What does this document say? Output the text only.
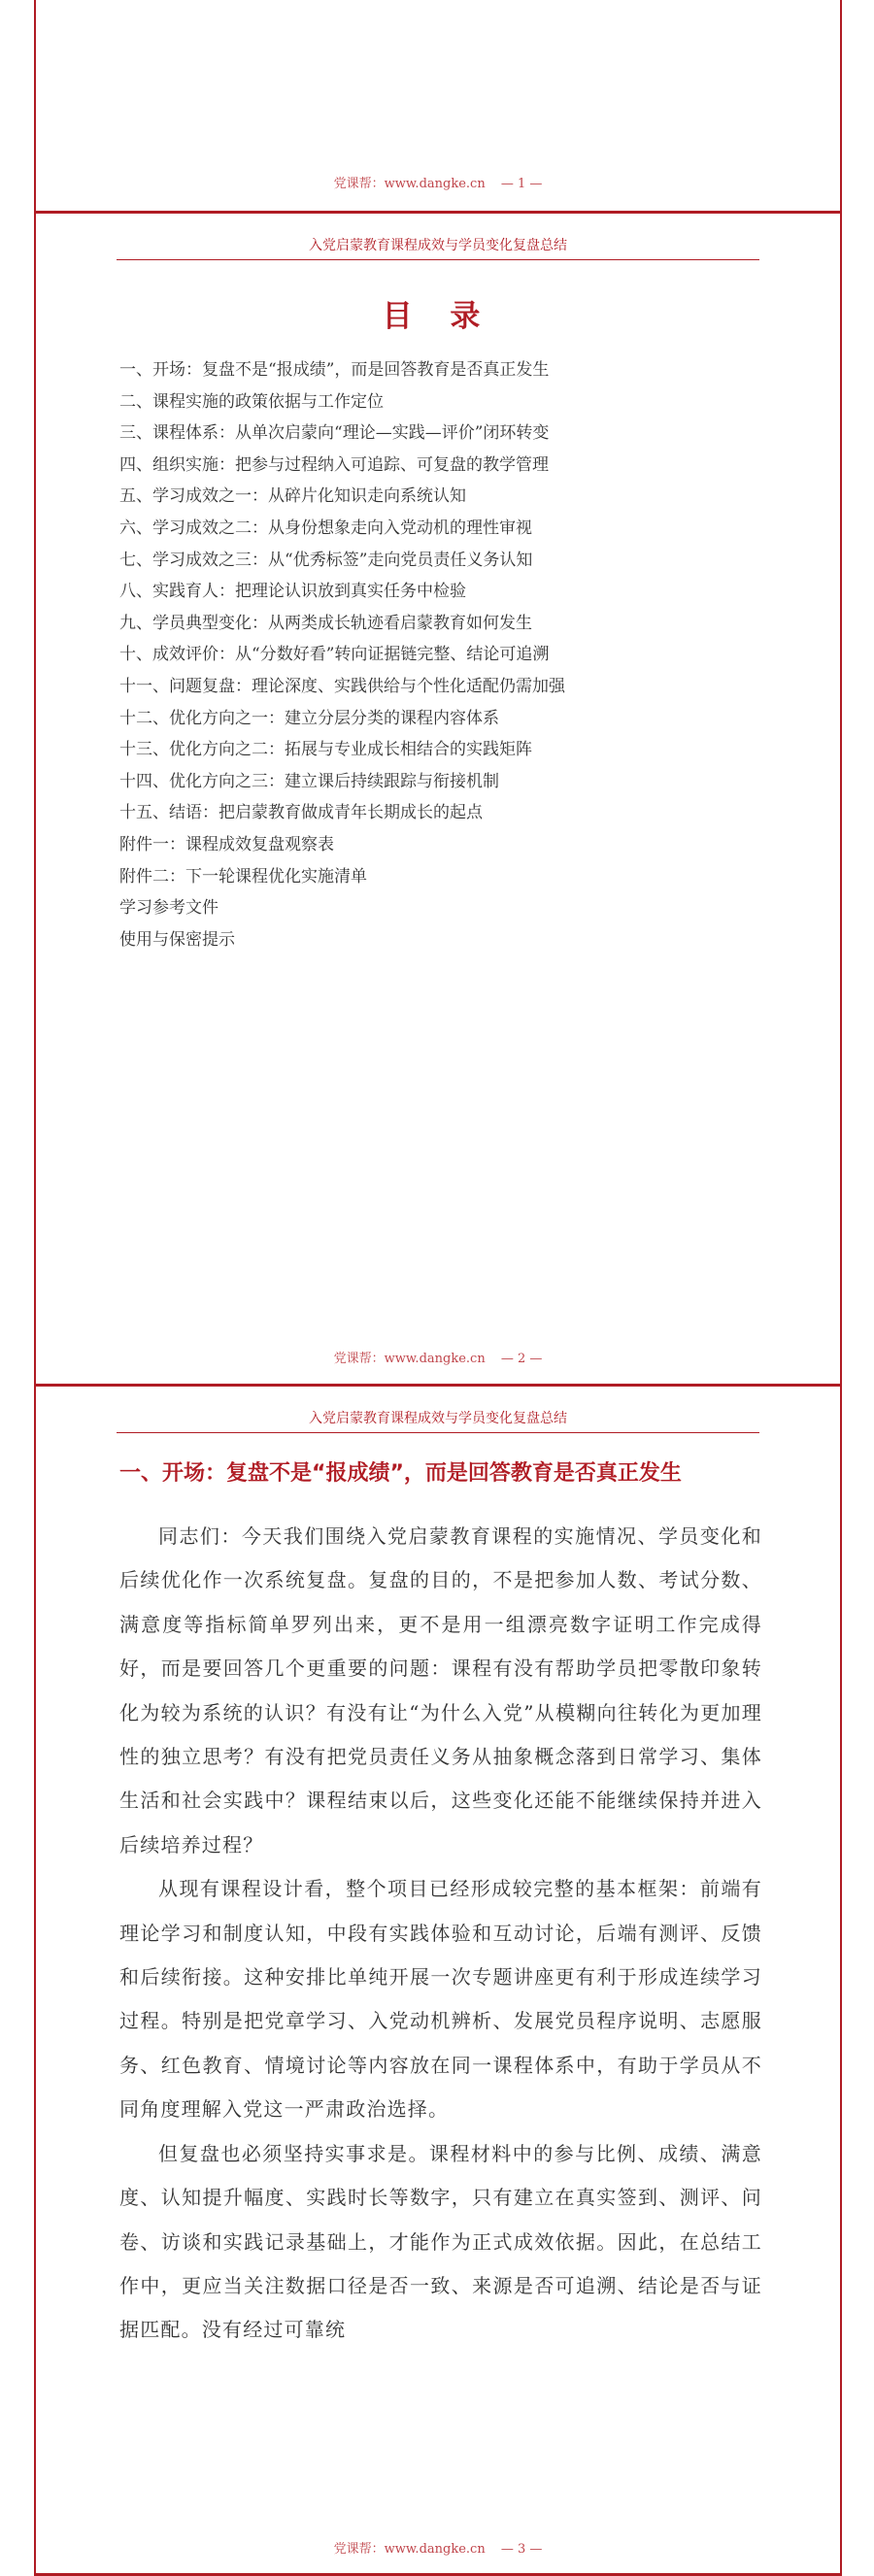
党课帮：www.dangke.cn — 1 —
入党启蒙教育课程成效与学员变化复盘总结
目 录
一、开场：复盘不是“报成绩”，而是回答教育是否真正发生
二、课程实施的政策依据与工作定位
三、课程体系：从单次启蒙向“理论—实践—评价”闭环转变
四、组织实施：把参与过程纳入可追踪、可复盘的教学管理
五、学习成效之一：从碎片化知识走向系统认知
六、学习成效之二：从身份想象走向入党动机的理性审视
七、学习成效之三：从“优秀标签”走向党员责任义务认知
八、实践育人：把理论认识放到真实任务中检验
九、学员典型变化：从两类成长轨迹看启蒙教育如何发生
十、成效评价：从“分数好看”转向证据链完整、结论可追溯
十一、问题复盘：理论深度、实践供给与个性化适配仍需加强
十二、优化方向之一：建立分层分类的课程内容体系
十三、优化方向之二：拓展与专业成长相结合的实践矩阵
十四、优化方向之三：建立课后持续跟踪与衔接机制
十五、结语：把启蒙教育做成青年长期成长的起点
附件一：课程成效复盘观察表
附件二：下一轮课程优化实施清单
学习参考文件
使用与保密提示
党课帮：www.dangke.cn — 2 —
入党启蒙教育课程成效与学员变化复盘总结
一、开场：复盘不是“报成绩”，而是回答教育是否真正发生

同志们：今天我们围绕入党启蒙教育课程的实施情况、学员变化和后续优化作一次系统复盘。复盘的目的，不是把参加人数、考试分数、满意度等指标简单罗列出来，更不是用一组漂亮数字证明工作完成得好，而是要回答几个更重要的问题：课程有没有帮助学员把零散印象转化为较为系统的认识？有没有让“为什么入党”从模糊向往转化为更加理性的独立思考？有没有把党员责任义务从抽象概念落到日常学习、集体生活和社会实践中？课程结束以后，这些变化还能不能继续保持并进入后续培养过程？

从现有课程设计看，整个项目已经形成较完整的基本框架：前端有理论学习和制度认知，中段有实践体验和互动讨论，后端有测评、反馈和后续衔接。这种安排比单纯开展一次专题讲座更有利于形成连续学习过程。特别是把党章学习、入党动机辨析、发展党员程序说明、志愿服务、红色教育、情境讨论等内容放在同一课程体系中，有助于学员从不同角度理解入党这一严肃政治选择。

但复盘也必须坚持实事求是。课程材料中的参与比例、成绩、满意度、认知提升幅度、实践时长等数字，只有建立在真实签到、测评、问卷、访谈和实践记录基础上，才能作为正式成效依据。因此，在总结工作中，更应当关注数据口径是否一致、来源是否可追溯、结论是否与证据匹配。没有经过可靠统

党课帮：www.dangke.cn — 3 —
